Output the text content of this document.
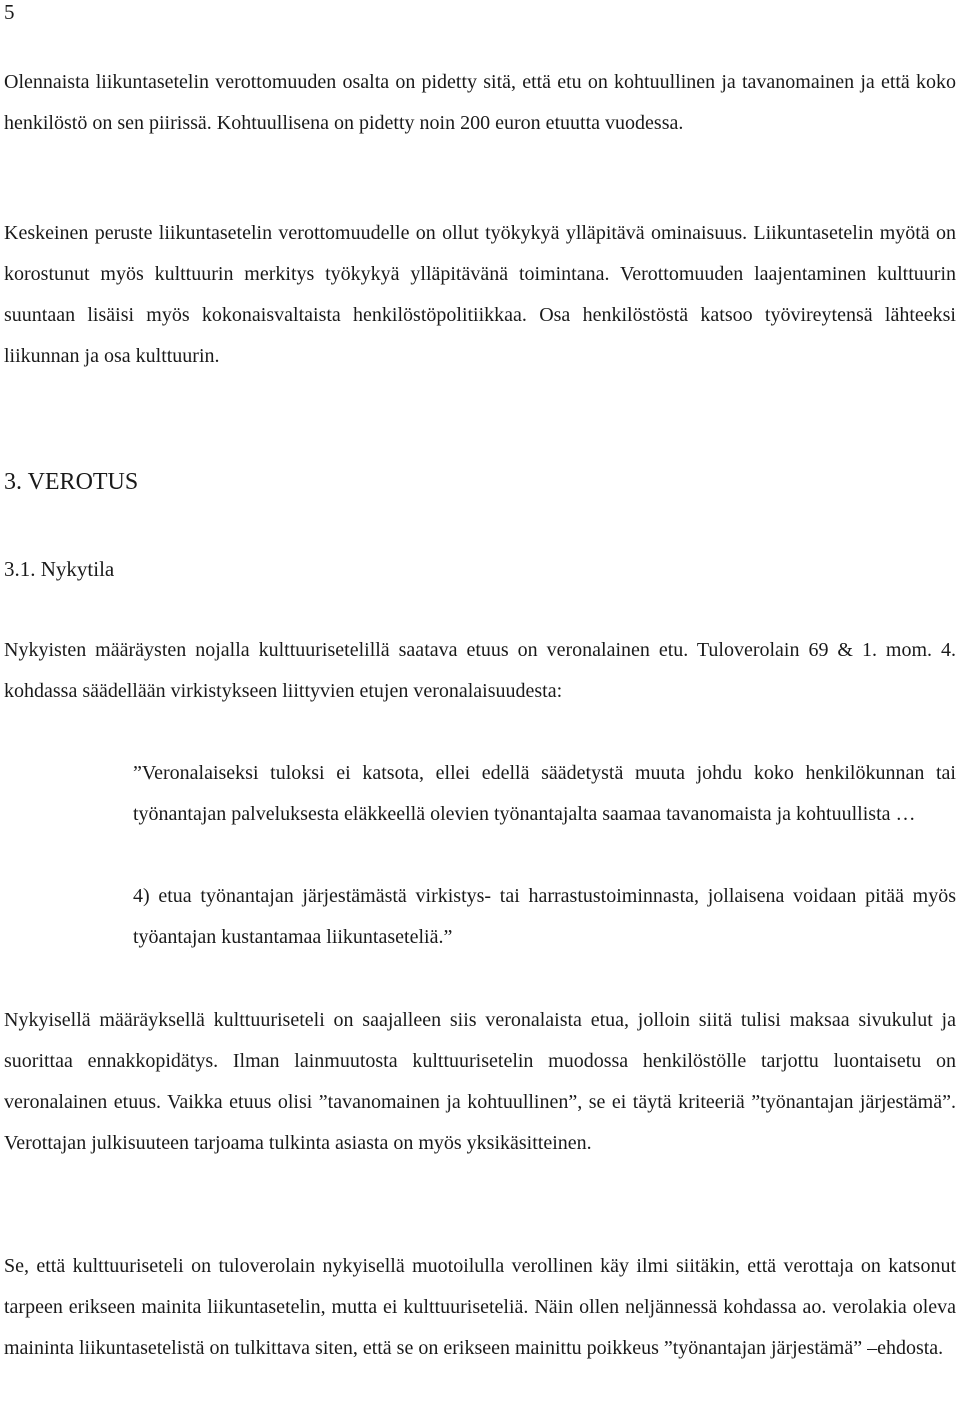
5

Olennaista liikuntasetelin verottomuuden osalta on pidetty sitä, että etu on kohtuullinen ja tavanomainen ja että koko henkilöstö on sen piirissä. Kohtuullisena on pidetty noin 200 euron etuutta vuodessa.

Keskeinen peruste liikuntasetelin verottomuudelle on ollut työkykyä ylläpitävä ominaisuus. Liikuntasetelin myötä on korostunut myös kulttuurin merkitys työkykyä ylläpitävänä toimintana. Verottomuuden laajentaminen kulttuurin suuntaan lisäisi myös kokonaisvaltaista henkilöstöpolitiikkaa. Osa henkilöstöstä katsoo työvireytensä lähteeksi liikunnan ja osa kulttuurin.

3. VEROTUS
3.1. Nykytila

Nykyisten määräysten nojalla kulttuurisetelillä saatava etuus on veronalainen etu. Tuloverolain 69 & 1. mom. 4. kohdassa säädellään virkistykseen liittyvien etujen veronalaisuudesta:

”Veronalaiseksi tuloksi ei katsota, ellei edellä säädetystä muuta johdu koko henkilökunnan tai työnantajan palveluksesta eläkkeellä olevien työnantajalta saamaa tavanomaista ja kohtuullista …

4) etua työnantajan järjestämästä virkistys- tai harrastustoiminnasta, jollaisena voidaan pitää myös työantajan kustantamaa liikuntaseteliä.”

Nykyisellä määräyksellä kulttuuriseteli on saajalleen siis veronalaista etua, jolloin siitä tulisi maksaa sivukulut ja suorittaa ennakkopidätys. Ilman lainmuutosta kulttuurisetelin muodossa henkilöstölle tarjottu luontaisetu on veronalainen etuus. Vaikka etuus olisi ”tavanomainen ja kohtuullinen”, se ei täytä kriteeriä ”työnantajan järjestämä”. Verottajan julkisuuteen tarjoama tulkinta asiasta on myös yksikäsitteinen.

Se, että kulttuuriseteli on tuloverolain nykyisellä muotoilulla verollinen käy ilmi siitäkin, että verottaja on katsonut tarpeen erikseen mainita liikuntasetelin, mutta ei kulttuuriseteliä. Näin ollen neljännessä kohdassa ao. verolakia oleva maininta liikuntasetelistä on tulkittava siten, että se on erikseen mainittu poikkeus ”työnantajan järjestämä” –ehdosta.
